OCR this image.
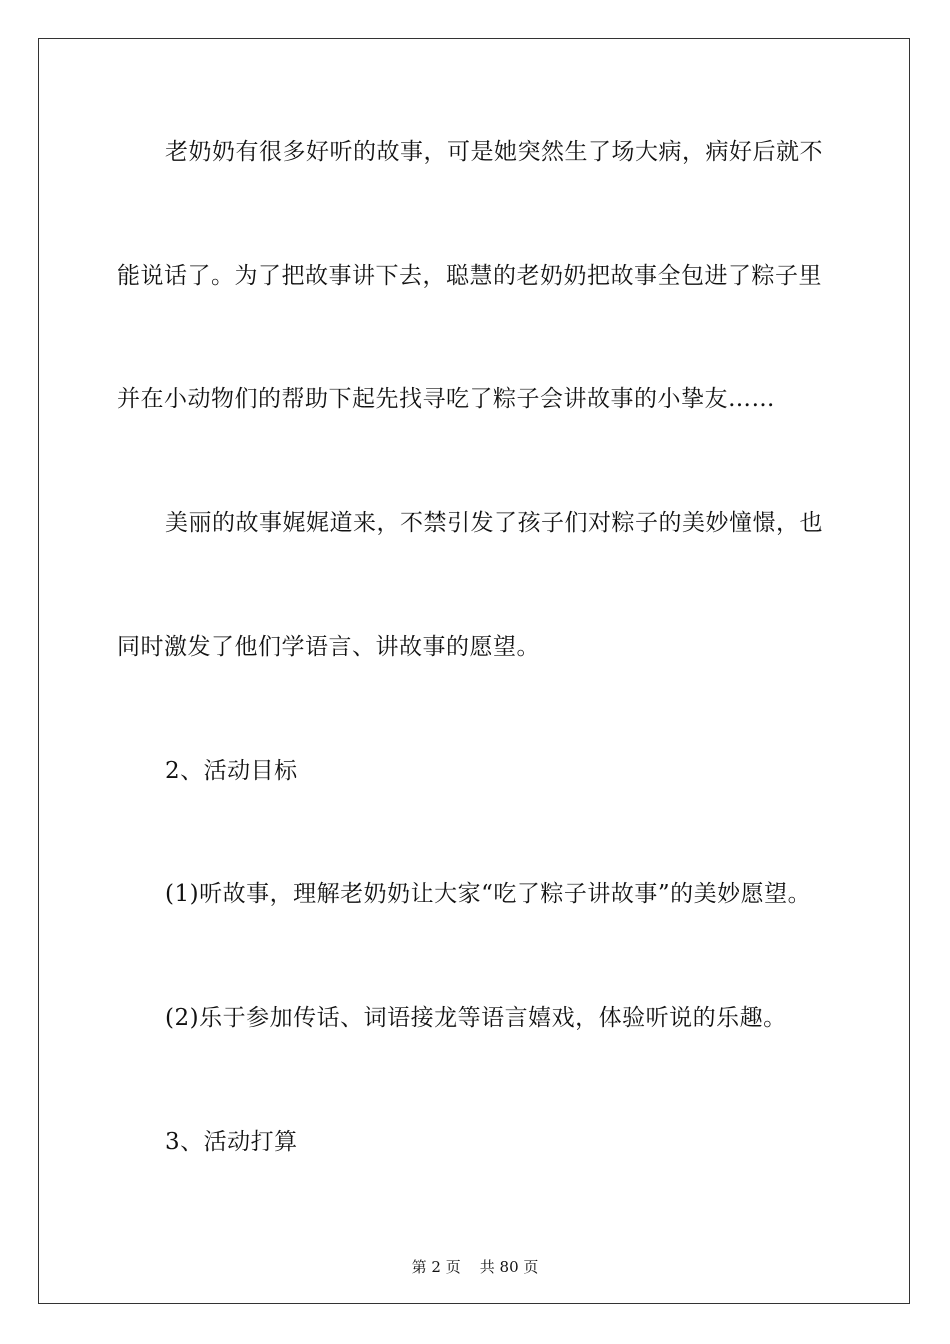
老奶奶有很多好听的故事，可是她突然生了场大病，病好后就不
能说话了。为了把故事讲下去，聪慧的老奶奶把故事全包进了粽子里
并在小动物们的帮助下起先找寻吃了粽子会讲故事的小挚友……
美丽的故事娓娓道来，不禁引发了孩子们对粽子的美妙憧憬，也
同时激发了他们学语言、讲故事的愿望。
2、活动目标
(1)听故事，理解老奶奶让大家“吃了粽子讲故事”的美妙愿望。
(2)乐于参加传话、词语接龙等语言嬉戏，体验听说的乐趣。
3、活动打算
第 2 页    共 80 页
